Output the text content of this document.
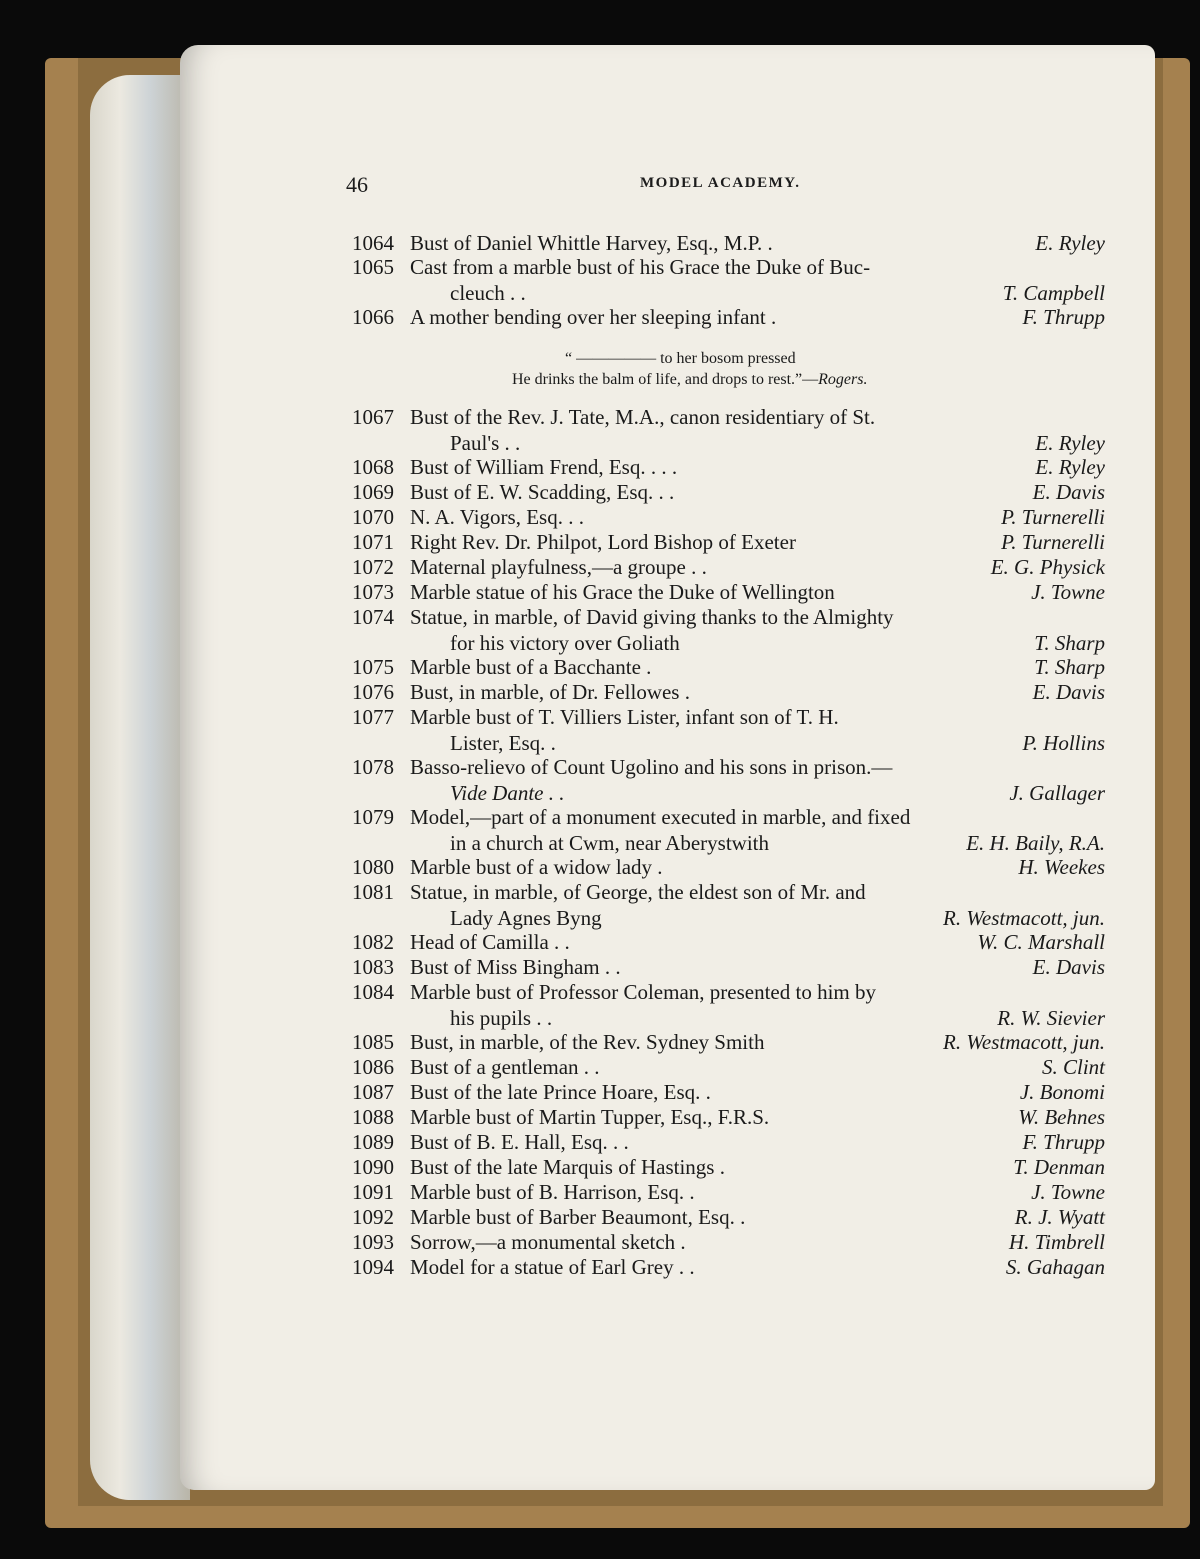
46	MODEL ACADEMY.
“ ————— to her bosom pressed
He drinks the balm of life, and drops to rest.”—Rogers.
1064 Bust of Daniel Whittle Harvey, Esq., M.P. .	E. Ryley
1065 Cast from a marble bust of his Grace the Duke of Buc-
cleuch . .	T. Campbell
1066 A mother bending over her sleeping infant .	F. Thrupp
1067 Bust of the Rev. J. Tate, M.A., canon residentiary of St.
Paul's . .	E. Ryley
1068 Bust of William Frend, Esq. . . .	E. Ryley
1069 Bust of E. W. Scadding, Esq. . .	E. Davis
1070 N. A. Vigors, Esq. . .	P. Turnerelli
1071 Right Rev. Dr. Philpot, Lord Bishop of Exeter	P. Turnerelli
1072 Maternal playfulness,—a groupe . .	E. G. Physick
1073 Marble statue of his Grace the Duke of Wellington	J. Towne
1074 Statue, in marble, of David giving thanks to the Almighty
for his victory over Goliath	T. Sharp
1075 Marble bust of a Bacchante .	T. Sharp
1076 Bust, in marble, of Dr. Fellowes .	E. Davis
1077 Marble bust of T. Villiers Lister, infant son of T. H.
Lister, Esq. .	P. Hollins
1078 Basso-relievo of Count Ugolino and his sons in prison.—
Vide Dante . .	J. Gallager
1079 Model,—part of a monument executed in marble, and fixed
in a church at Cwm, near Aberystwith	E. H. Baily, R.A.
1080 Marble bust of a widow lady .	H. Weekes
1081 Statue, in marble, of George, the eldest son of Mr. and
Lady Agnes Byng	R. Westmacott, jun.
1082 Head of Camilla . .	W. C. Marshall
1083 Bust of Miss Bingham . .	E. Davis
1084 Marble bust of Professor Coleman, presented to him by
his pupils . .	R. W. Sievier
1085 Bust, in marble, of the Rev. Sydney Smith	R. Westmacott, jun.
1086 Bust of a gentleman . .	S. Clint
1087 Bust of the late Prince Hoare, Esq. .	J. Bonomi
1088 Marble bust of Martin Tupper, Esq., F.R.S.	W. Behnes
1089 Bust of B. E. Hall, Esq. . .	F. Thrupp
1090 Bust of the late Marquis of Hastings .	T. Denman
1091 Marble bust of B. Harrison, Esq. .	J. Towne
1092 Marble bust of Barber Beaumont, Esq. .	R. J. Wyatt
1093 Sorrow,—a monumental sketch .	H. Timbrell
1094 Model for a statue of Earl Grey . .	S. Gahagan
